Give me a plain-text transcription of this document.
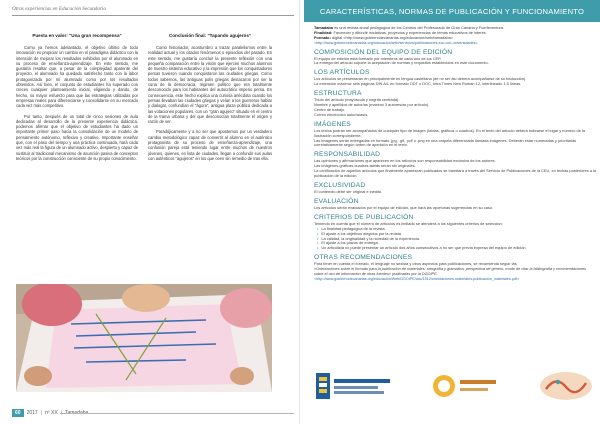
Otras experiencias en Educación Secundaria
Puesta en valor: "Una gran recompensa"

Como ya hemos adelantado, el objetivo último de todo innovación es propiciar un cambio en el paradigma didáctico con la intención de mejorar los resultados exhibidos por el alumnado en su proceso de enseñanza-aprendizaje. En este sentido, me gustaría resaltar que, a pesar de la complejidad aparente del proyecto, el alumnado ha quedado satisfecho tanto con la labor protagonizada por mí alumnado como por los resultados obtenidos. Así bien, el conjunto de estudiantes ha superado con creces cualquier planteamiento inicial, eligiendo y dando, de hecho, su mayor esfuerzo para que las estrategias utilizadas por empresas reales para diferenciarse y consolidarse en su mercado cada vez más competitivo.

Por tanto, después de un total de cinco sesiones de aula dedicadas al desarrollo de la presente experiencia didáctica, podemos afirmar que el objetivo de estudiantes ha dado un importante primer paso hacia la consolidación de un modelo de pensamiento autónomo, reflexivo y creativo. Importante enseñar que, con el paso del tiempo y una práctica continuada, hará cada vez más real la figura de un alumnado activo, despierto y capaz de sustituir al tradicional mecanismo de asunción pasiva de conceptos teóricos por la construcción consciente de su propio conocimiento.

Conclusión final: "Tapando agujeros"

Como historiador, acostumbro a trazar paralelismos entre la realidad actual y los citados fenómenos o episodios del pasado. En este sentido, me gustaría concluir la presente reflexión con una pequeña comparación entre la visión que ejercen muchos alumnos de nuestro sistema educativo y la impresión que los conquistadores persas tuvieron cuando conquistaron las ciudades griegas. Como todos sabemos, las antiguas polis griegas destacaron por ser la cuna de la democracia, régimen político que era totalmente desconocido para los habitantes del autocrático imperio persa. En consecuencia, este hecho explica una curiosa anécdota cuando los persas llevaban las ciudades griegas y veían a los guerreros hablar y dialogar, confundían el "ágora", antigua plaza pública dedicada a las votaciones populares, con un "gran agujero" situado en el centro de la trama urbana y del que desconocían totalmente el origen y razón de ser.

Paradójicamente y a no ser que apostemos por un verdadero cambio metodológico capaz de convertir al alumno en el auténtico protagonista de su proceso de enseñanza-aprendizaje, una confusión pareja está teniendo lugar entre muchos de nuestros jóvenes, quienes, en lista de ciudades, llegan a confundir sus aulas con auténticos "agujeros" en los que ceen sin remedio de tras ella.

60	2017 | nº XX
CARACTERÍSTICAS, NORMAS DE PUBLICACIÓN Y FUNCIONAMIENTO

Tamadaba es una revista anual pedagógica de los Centros del Profesorado de Gran Canaria y Fuerteventura.

Finalidad: Favorecer y difundir iniciativas, proyectos y experiencias de temas educativos de interés.

Formato: digital <http://www.gobiernodecanarias.org/educacion/web/tamadaba>

<http://www.gobiernodecanarias.org/educacion/web/servicios/publicaciones-ecc-con-universidades>

COMPOSICIÓN DEL EQUIPO DE EDICIÓN

El equipo de edición está formado por miembros de cada uno de los CEP.

La entrega del artículo supone la aceptación de normas y requisitos establecidos en este documento.

LOS ARTÍCULOS

Los artículos se presentarán en principalmente en lengua castellana (de no ser así deberá acompañarse de su traducción).

La extensión máxima: seis páginas DIN A4, en formato ODT o DOC, letra Times New Roman 12, interlineado 1,5 líneas.

ESTRUCTURA

Título del artículo (mayúscula y negrita centrada).

Nombre y apellidos de autor/as (máximo 3 autores/as por artículo).

Centro de trabajo.

Correo electrónico autor/a/as/s.

IMÁGENES

Los textos podrán ser acompañados de cualquier tipo de imagen (tablas, gráficos o cuadros). En el texto del artículo deberá indicarse el lugar y número de la ilustración correspondiente.

Las imágenes serán entregadas en formato .jpg, .gif, .pdf o .png en una carpeta diferenciada llamada imágenes. Deberán estar numeradas y prioritarias correlativamente según orden de aparición en el texto.

RESPONSABILIDAD

Las opiniones y afirmaciones que aparecen en los artículos son responsabilidad exclusiva de los autores.

Las imágenes-gráficas-cuadros-tablas serán sin originales.

La certificación de aquellos artículos que finalmente aparezcan publicados se tramitará a través del Servicio de Publicaciones de la CEU, en fechas posteriores a la publicación de la edición.

EXCLUSIVIDAD

El contenido debe ser original e inédito.

EVALUACIÓN

Los artículos serán evaluados por el equipo de edición, que hará las oportunas sugerencias en su caso.

CRITERIOS DE PUBLICACIÓN

Teniendo en cuenta que el número de artículos es limitado se atenderá a los siguientes criterios de selección:

• La finalidad pedagógica de la revista.
• El ajuste a los objetivos elegidos por la revista.
• La calidad, la originalidad y la novedad de la experiencia.
• El ajuste a los plazos de entrega.
• Un articulista no puede presentar un artículo dos años consecutivos a no ser que previa expresa del equipo de edición.
OTRAS RECOMENDACIONES

Para tener en cuenta el formato, el lenguaje no sexista y otros aspectos para publicaciones, se recomienda seguir las

«Orientaciones sobre el formato para la publicación de materiales: ortografía y gramática, perspectiva de género, modo de citar la bibliografía y recomendaciones sobre el uso de información de otras fuentes» publicadas por la DGOIPE.

<http://www.gobiernodecanarias.org/educacion/Web/DGOIPE/doc/1012/orientaciones-materiales-publicacion_materiales.pdf>
